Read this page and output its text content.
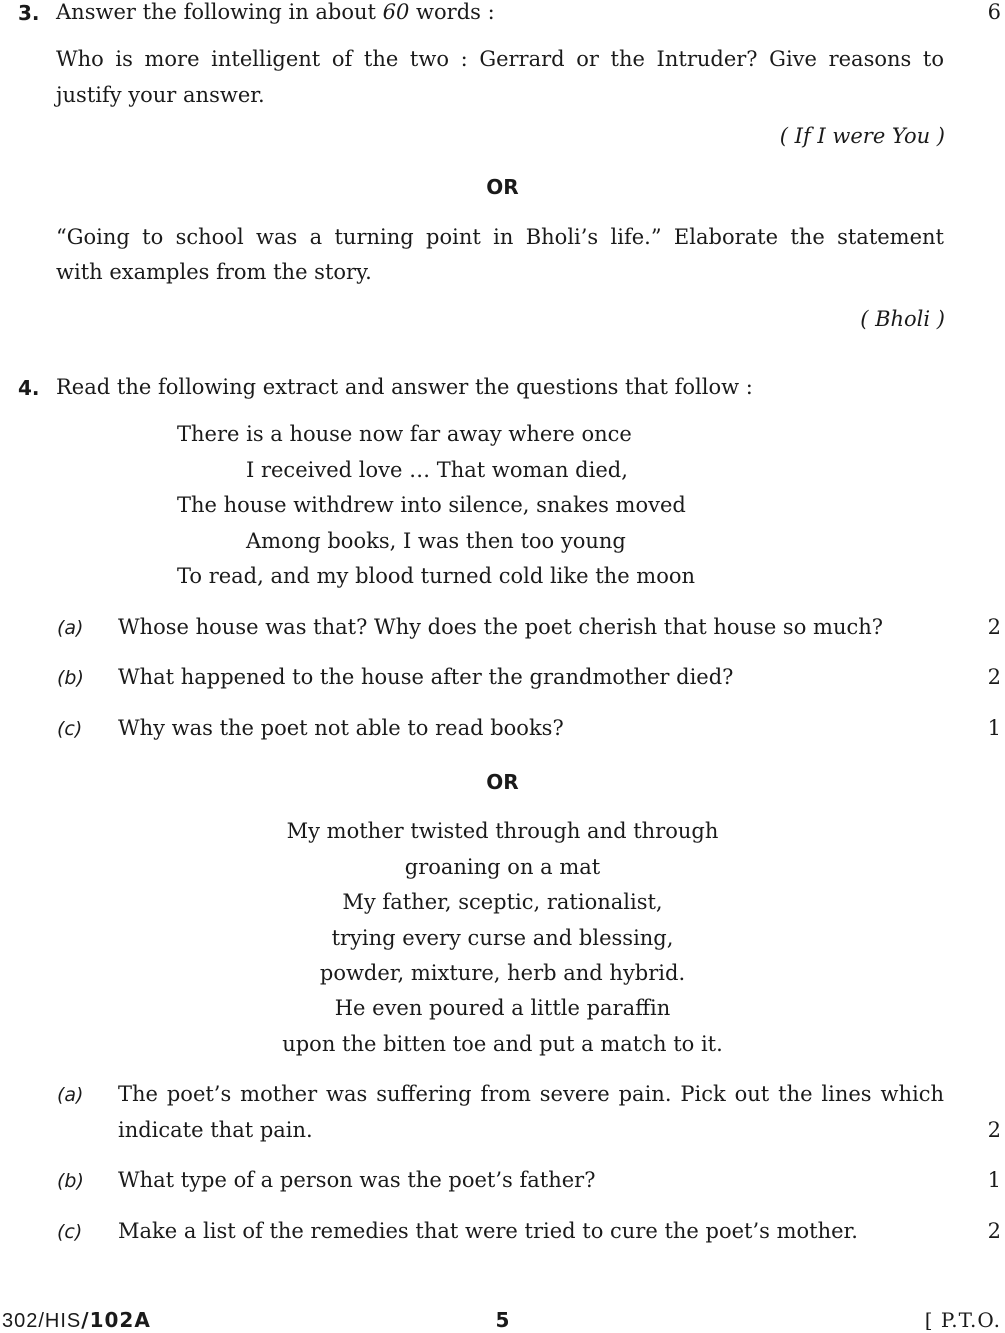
3. Answer the following in about 60 words :	6
Who is more intelligent of the two : Gerrard or the Intruder? Give reasons to
justify your answer.
( If I were You )
OR
“Going to school was a turning point in Bholi’s life.” Elaborate the statement
with examples from the story.
( Bholi )
4. Read the following extract and answer the questions that follow :
There is a house now far away where once
I received love … That woman died,
The house withdrew into silence, snakes moved
Among books, I was then too young
To read, and my blood turned cold like the moon
(a) Whose house was that? Why does the poet cherish that house so much?	2
(b) What happened to the house after the grandmother died?	2
(c) Why was the poet not able to read books?	1
OR
My mother twisted through and through
groaning on a mat
My father, sceptic, rationalist,
trying every curse and blessing,
powder, mixture, herb and hybrid.
He even poured a little paraffin
upon the bitten toe and put a match to it.
(a) The poet’s mother was suffering from severe pain. Pick out the lines which
indicate that pain.	2
(b) What type of a person was the poet’s father?	1
(c) Make a list of the remedies that were tried to cure the poet’s mother.	2
302/HIS/102A	5	[ P.T.O.
